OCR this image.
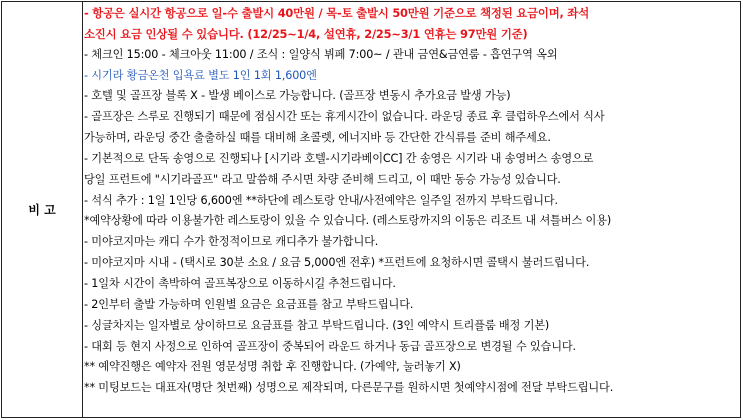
비 고
- 항공은 실시간 항공으로 일-수 출발시 40만원 / 목-토 출발시 50만원 기준으로 책정된 요금이며, 좌석
소진시 요금 인상될 수 있습니다. (12/25~1/4, 설연휴, 2/25~3/1 연휴는 97만원 기준)
- 체크인 15:00 - 체크아웃 11:00 / 조식 : 일양식 뷔페 7:00~ / 관내 금연&금연룸 - 흡연구역 옥외
- 시기라 황금온천 입욕료 별도 1인 1회 1,600엔
- 호텔 및 골프장 블록 X - 발생 베이스로 가능합니다. (골프장 변동시 추가요금 발생 가능)
- 골프장은 스루로 진행되기 때문에 점심시간 또는 휴게시간이 없습니다. 라운딩 종료 후 클럽하우스에서 식사
가능하며, 라운딩 중간 출출하실 때를 대비해 초콜렛, 에너지바 등 간단한 간식류를 준비 해주세요.
- 기본적으로 단독 송영으로 진행되나 [시기라 호텔-시기라베이CC] 간 송영은 시기라 내 송영버스 송영으로
당일 프런트에 "시기라골프" 라고 말씀해 주시면 차량 준비해 드리고, 이 때만 동승 가능성 있습니다.
- 석식 추가 : 1일 1인당 6,600엔 **하단에 레스토랑 안내/사전예약은 일주일 전까지 부탁드립니다.
*예약상황에 따라 이용불가한 레스토랑이 있을 수 있습니다. (레스토랑까지의 이동은 리조트 내 셔틀버스 이용)
- 미야코지마는 캐디 수가 한정적이므로 캐디추가 불가합니다.
- 미야코지마 시내 - (택시로 30분 소요 / 요금 5,000엔 전후) *프런트에 요청하시면 콜택시 불러드립니다.
- 1일차 시간이 촉박하여 골프복장으로 이동하시길 추천드립니다.
- 2인부터 출발 가능하며 인원별 요금은 요금표를 참고 부탁드립니다.
- 싱글차지는 일자별로 상이하므로 요금표를 참고 부탁드립니다. (3인 예약시 트리플룸 배정 기본)
- 대회 등 현지 사정으로 인하여 골프장이 중복되어 라운드 하거나 동급 골프장으로 변경될 수 있습니다.
** 예약진행은 예약자 전원 영문성명 취합 후 진행합니다. (가예약, 눌러놓기 X)
** 미팅보드는 대표자(명단 첫번째) 성명으로 제작되며, 다른문구를 원하시면 첫예약시점에 전달 부탁드립니다.
